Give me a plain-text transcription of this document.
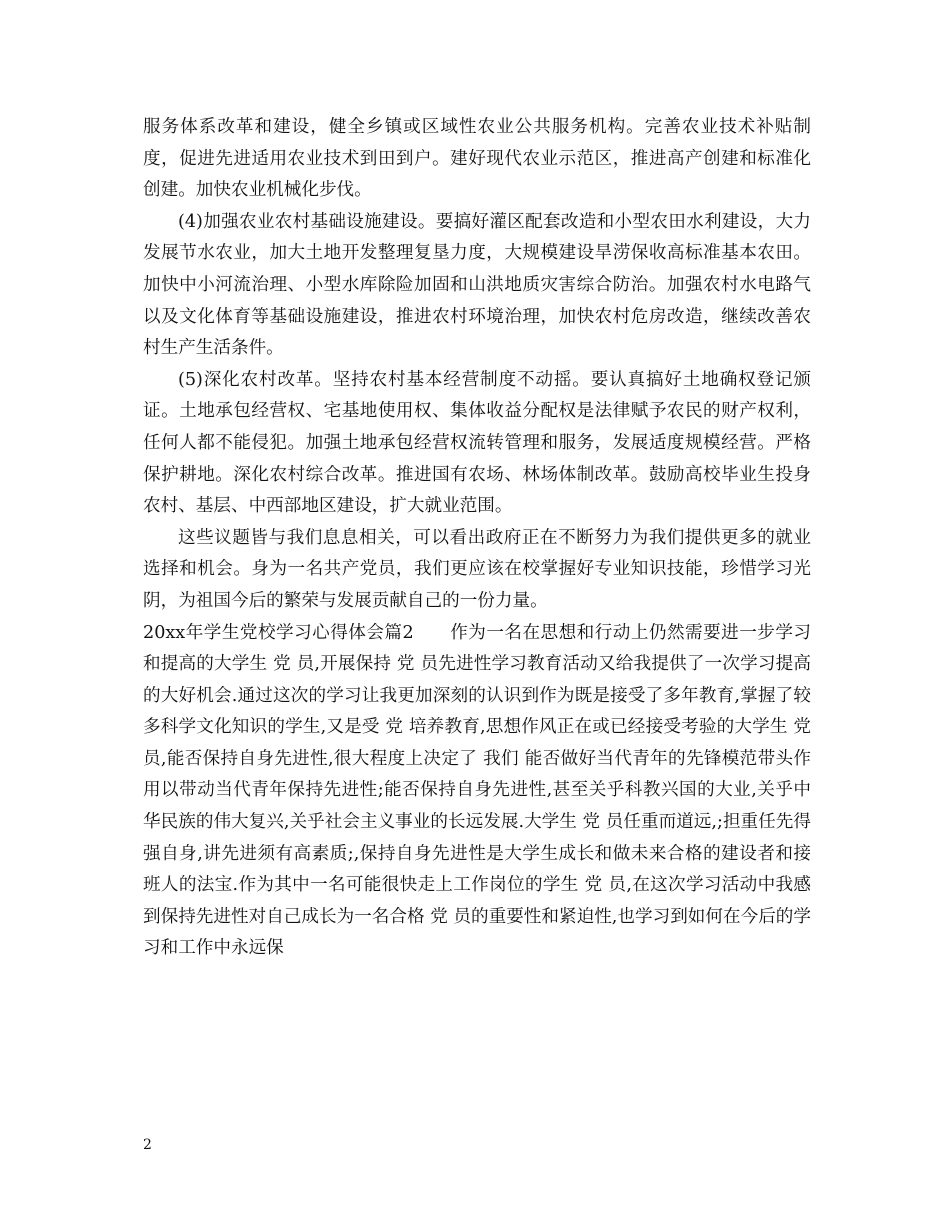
服务体系改革和建设，健全乡镇或区域性农业公共服务机构。完善农业技术补贴制度，促进先进适用农业技术到田到户。建好现代农业示范区，推进高产创建和标准化创建。加快农业机械化步伐。

(4)加强农业农村基础设施建设。要搞好灌区配套改造和小型农田水利建设，大力发展节水农业，加大土地开发整理复垦力度，大规模建设旱涝保收高标准基本农田。加快中小河流治理、小型水库除险加固和山洪地质灾害综合防治。加强农村水电路气以及文化体育等基础设施建设，推进农村环境治理，加快农村危房改造，继续改善农村生产生活条件。

(5)深化农村改革。坚持农村基本经营制度不动摇。要认真搞好土地确权登记颁证。土地承包经营权、宅基地使用权、集体收益分配权是法律赋予农民的财产权利，任何人都不能侵犯。加强土地承包经营权流转管理和服务，发展适度规模经营。严格保护耕地。深化农村综合改革。推进国有农场、林场体制改革。鼓励高校毕业生投身农村、基层、中西部地区建设，扩大就业范围。

这些议题皆与我们息息相关，可以看出政府正在不断努力为我们提供更多的就业选择和机会。身为一名共产党员，我们更应该在校掌握好专业知识技能，珍惜学习光阴，为祖国今后的繁荣与发展贡献自己的一份力量。

20xx年学生党校学习心得体会篇2　　作为一名在思想和行动上仍然需要进一步学习和提高的大学生 党 员,开展保持 党 员先进性学习教育活动又给我提供了一次学习提高的大好机会.通过这次的学习让我更加深刻的认识到作为既是接受了多年教育,掌握了较多科学文化知识的学生,又是受 党 培养教育,思想作风正在或已经接受考验的大学生 党 员,能否保持自身先进性,很大程度上决定了 我们 能否做好当代青年的先锋模范带头作用以带动当代青年保持先进性;能否保持自身先进性,甚至关乎科教兴国的大业,关乎中华民族的伟大复兴,关乎社会主义事业的长远发展.大学生 党 员任重而道远,;担重任先得强自身,讲先进须有高素质;,保持自身先进性是大学生成长和做未来合格的建设者和接班人的法宝.作为其中一名可能很快走上工作岗位的学生 党 员,在这次学习活动中我感到保持先进性对自己成长为一名合格 党 员的重要性和紧迫性,也学习到如何在今后的学习和工作中永远保

2
